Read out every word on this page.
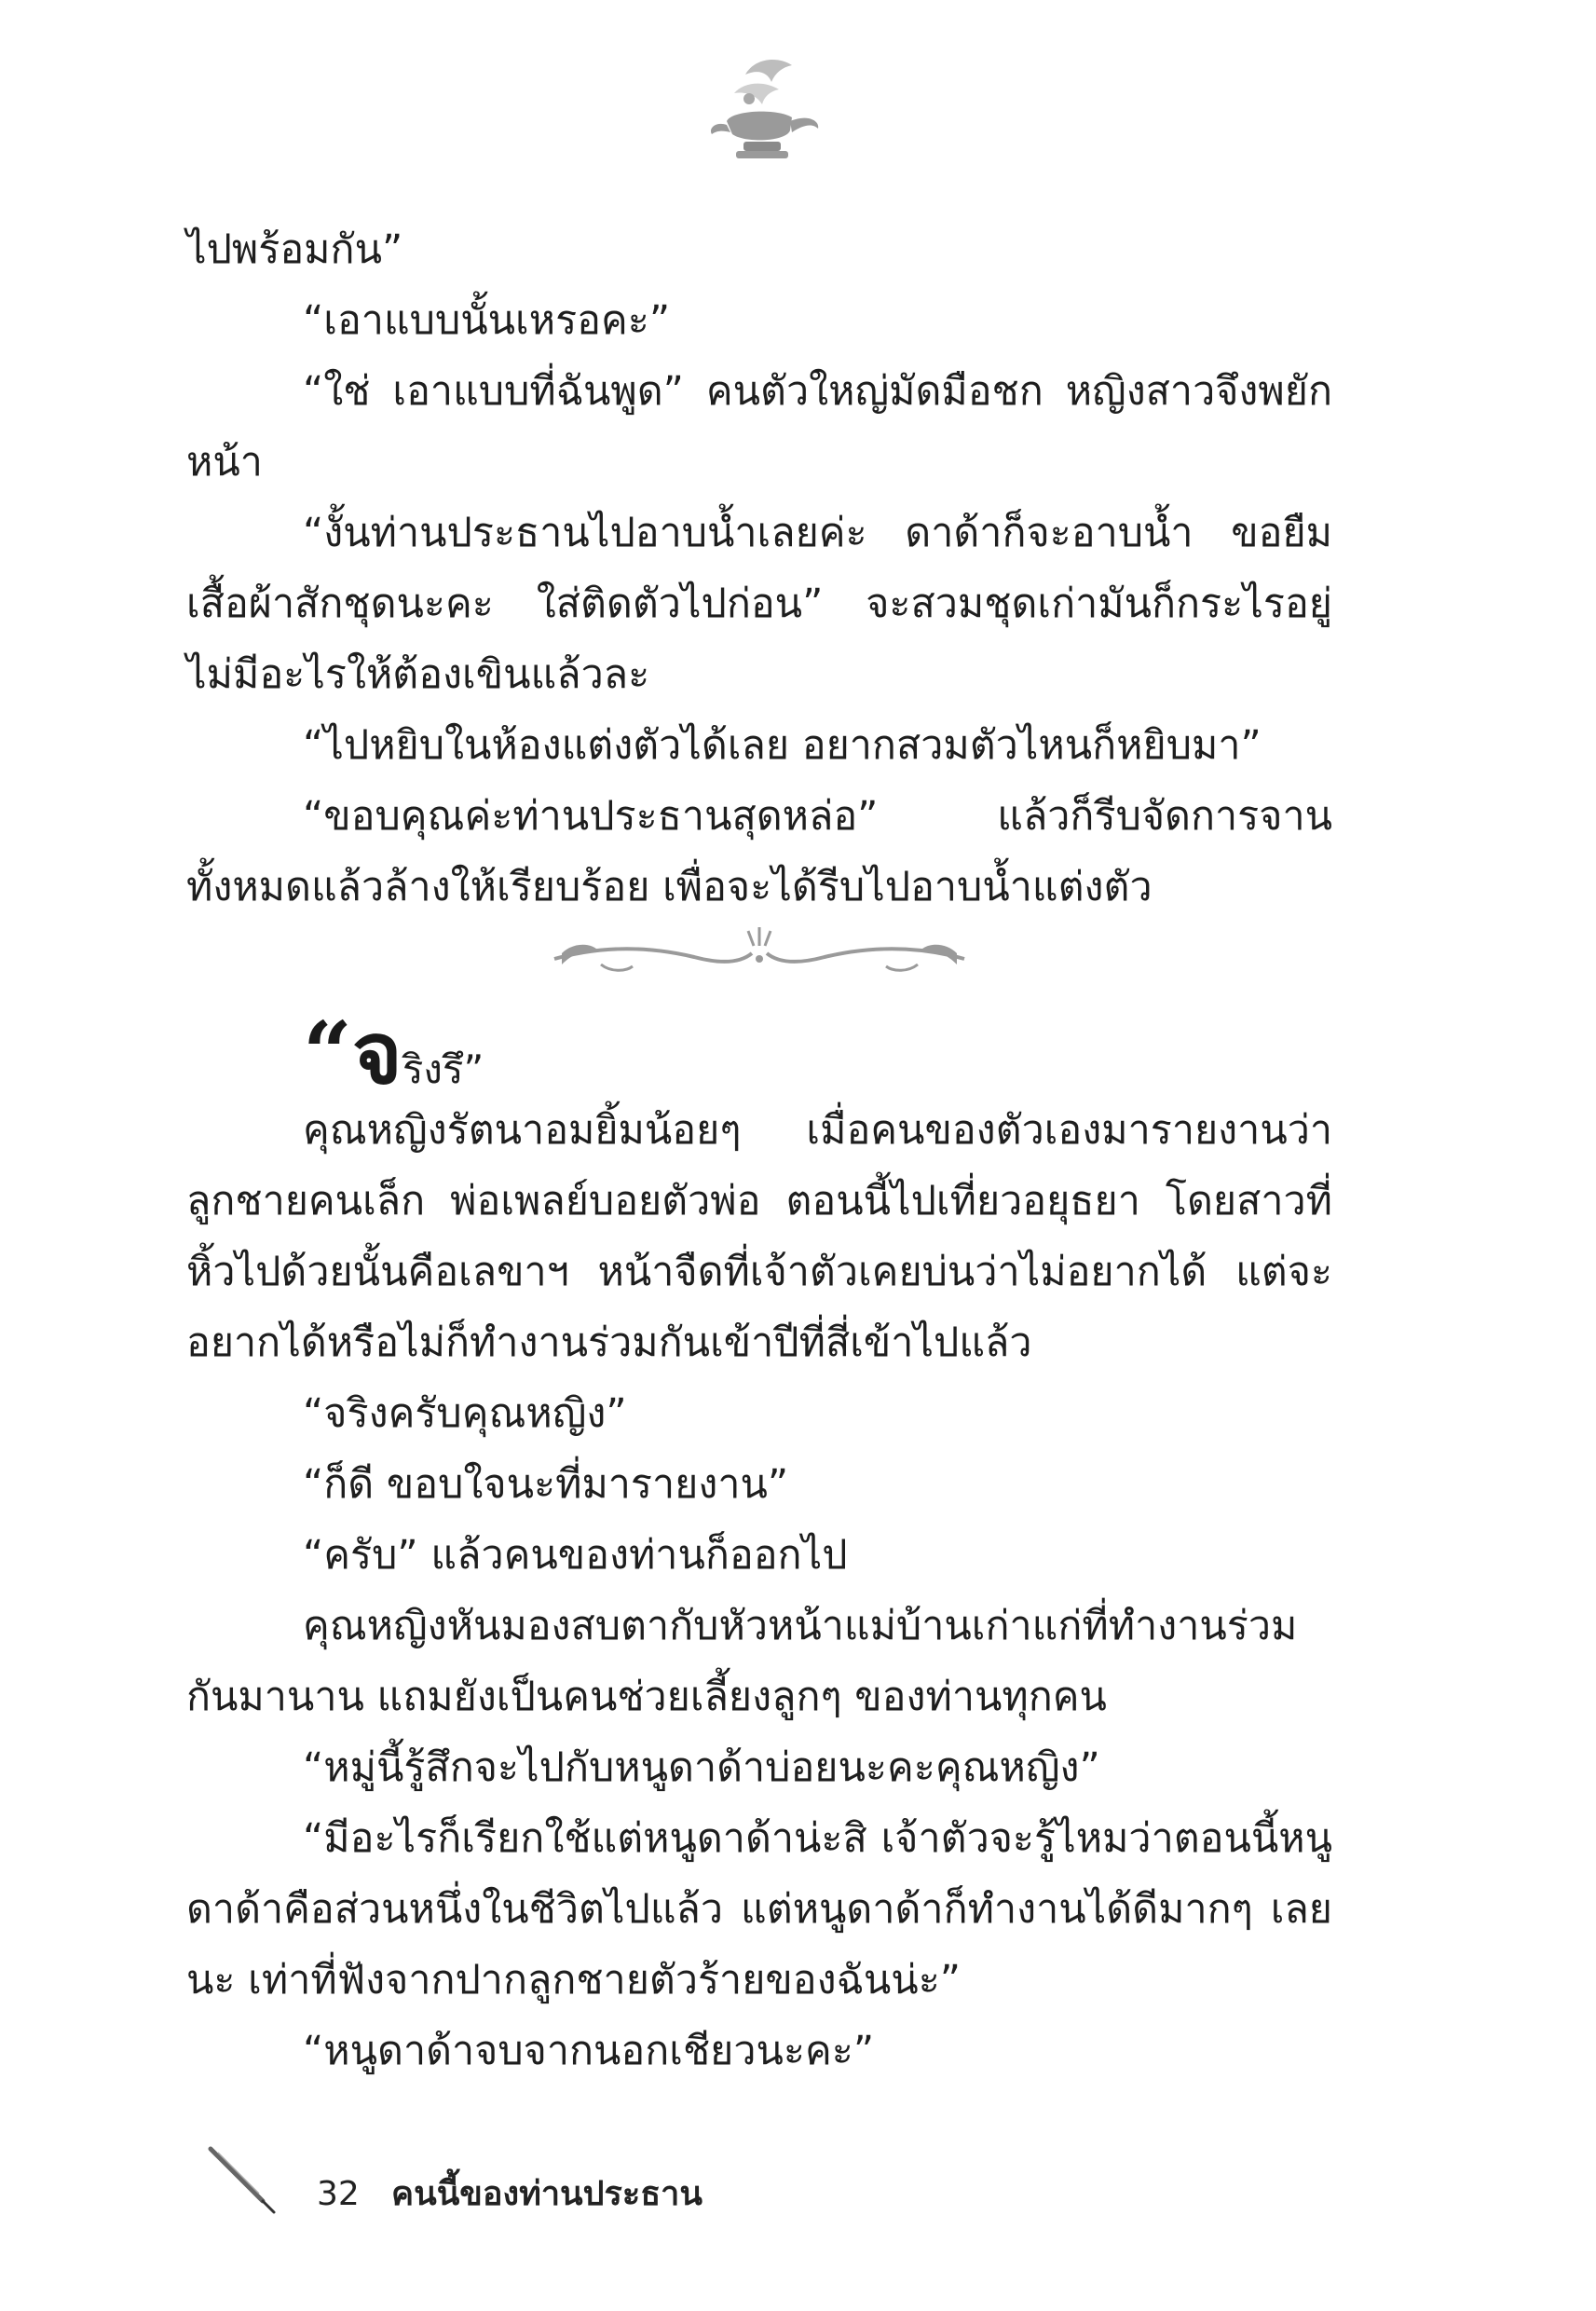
ไปพร้อมกัน”

“เอาแบบนั้นเหรอคะ”

“ใช่ เอาแบบที่ฉันพูด” คนตัวใหญ่มัดมือชก หญิงสาวจึงพยักหน้า

“งั้นท่านประธานไปอาบน้ำเลยค่ะ ดาด้าก็จะอาบน้ำ ขอยืมเสื้อผ้าสักชุดนะคะ ใส่ติดตัวไปก่อน” จะสวมชุดเก่ามันก็กระไรอยู่ ไม่มีอะไรให้ต้องเขินแล้วละ

“ไปหยิบในห้องแต่งตัวได้เลย อยากสวมตัวไหนก็หยิบมา”

“ขอบคุณค่ะท่านประธานสุดหล่อ” แล้วก็รีบจัดการจานทั้งหมดแล้วล้างให้เรียบร้อย เพื่อจะได้รีบไปอาบน้ำแต่งตัว

“จริงรึ”

คุณหญิงรัตนาอมยิ้มน้อยๆ เมื่อคนของตัวเองมารายงานว่าลูกชายคนเล็ก พ่อเพลย์บอยตัวพ่อ ตอนนี้ไปเที่ยวอยุธยา โดยสาวที่หิ้วไปด้วยนั้นคือเลขาฯ หน้าจืดที่เจ้าตัวเคยบ่นว่าไม่อยากได้ แต่จะอยากได้หรือไม่ก็ทำงานร่วมกันเข้าปีที่สี่เข้าไปแล้ว

“จริงครับคุณหญิง”

“ก็ดี ขอบใจนะที่มารายงาน”

“ครับ” แล้วคนของท่านก็ออกไป

คุณหญิงหันมองสบตากับหัวหน้าแม่บ้านเก่าแก่ที่ทำงานร่วมกันมานาน แถมยังเป็นคนช่วยเลี้ยงลูกๆ ของท่านทุกคน

“หมู่นี้รู้สึกจะไปกับหนูดาด้าบ่อยนะคะคุณหญิง”

“มีอะไรก็เรียกใช้แต่หนูดาด้าน่ะสิ เจ้าตัวจะรู้ไหมว่าตอนนี้หนูดาด้าคือส่วนหนึ่งในชีวิตไปแล้ว แต่หนูดาด้าก็ทำงานได้ดีมากๆ เลยนะ เท่าที่ฟังจากปากลูกชายตัวร้ายของฉันน่ะ”

“หนูดาด้าจบจากนอกเชียวนะคะ”

32 คนนี้ของท่านประธาน
